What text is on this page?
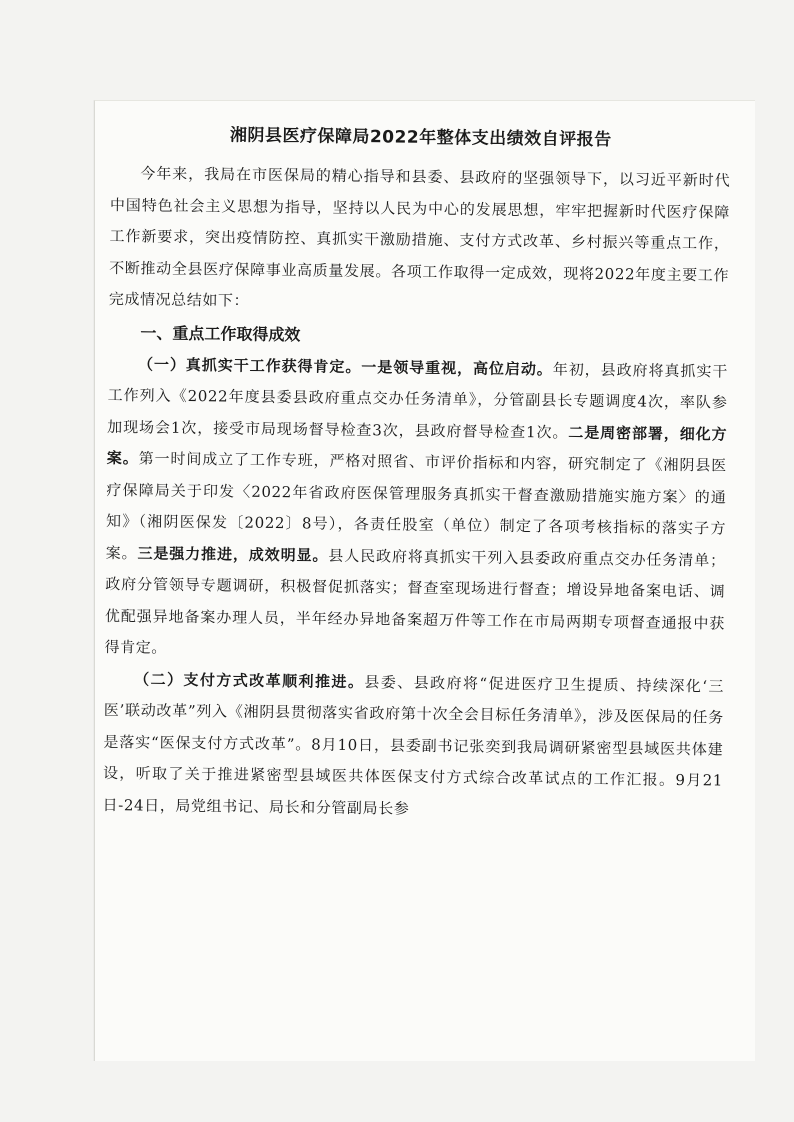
湘阴县医疗保障局2022年整体支出绩效自评报告

今年来，我局在市医保局的精心指导和县委、县政府的坚强领导下，以习近平新时代中国特色社会主义思想为指导，坚持以人民为中心的发展思想，牢牢把握新时代医疗保障工作新要求，突出疫情防控、真抓实干激励措施、支付方式改革、乡村振兴等重点工作，不断推动全县医疗保障事业高质量发展。各项工作取得一定成效，现将2022年度主要工作完成情况总结如下：

一、重点工作取得成效

（一）真抓实干工作获得肯定。一是领导重视，高位启动。年初，县政府将真抓实干工作列入《2022年度县委县政府重点交办任务清单》，分管副县长专题调度4次，率队参加现场会1次，接受市局现场督导检查3次，县政府督导检查1次。二是周密部署，细化方案。第一时间成立了工作专班，严格对照省、市评价指标和内容，研究制定了《湘阴县医疗保障局关于印发〈2022年省政府医保管理服务真抓实干督查激励措施实施方案〉的通知》（湘阴医保发〔2022〕8号），各责任股室（单位）制定了各项考核指标的落实子方案。三是强力推进，成效明显。县人民政府将真抓实干列入县委政府重点交办任务清单；政府分管领导专题调研，积极督促抓落实；督查室现场进行督查；增设异地备案电话、调优配强异地备案办理人员，半年经办异地备案超万件等工作在市局两期专项督查通报中获得肯定。

（二）支付方式改革顺利推进。县委、县政府将“促进医疗卫生提质、持续深化‘三医’联动改革”列入《湘阴县贯彻落实省政府第十次全会目标任务清单》，涉及医保局的任务是落实“医保支付方式改革”。8月10日，县委副书记张奕到我局调研紧密型县域医共体建设，听取了关于推进紧密型县域医共体医保支付方式综合改革试点的工作汇报。9月21日-24日，局党组书记、局长和分管副局长参
